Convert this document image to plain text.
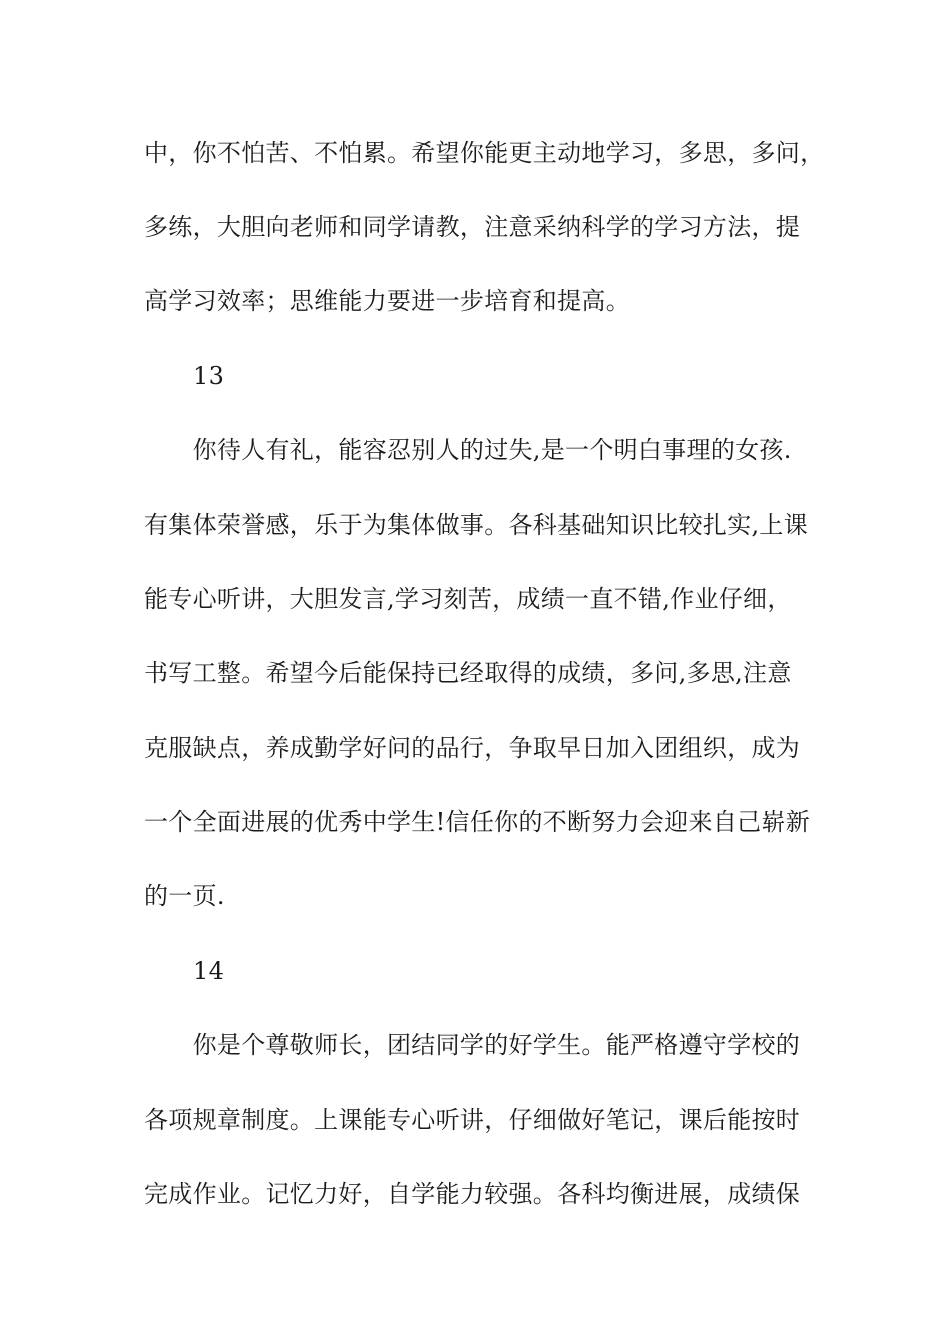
中，你不怕苦、不怕累。希望你能更主动地学习，多思，多问，
多练，大胆向老师和同学请教，注意采纳科学的学习方法，提
高学习效率；思维能力要进一步培育和提高。
13
　　你待人有礼，能容忍别人的过失,是一个明白事理的女孩.
有集体荣誉感，乐于为集体做事。各科基础知识比较扎实,上课
能专心听讲，大胆发言,学习刻苦，成绩一直不错,作业仔细，
书写工整。希望今后能保持已经取得的成绩，多问,多思,注意
克服缺点，养成勤学好问的品行，争取早日加入团组织，成为
一个全面进展的优秀中学生!信任你的不断努力会迎来自己崭新
的一页.
14
　　你是个尊敬师长，团结同学的好学生。能严格遵守学校的
各项规章制度。上课能专心听讲，仔细做好笔记，课后能按时
完成作业。记忆力好，自学能力较强。各科均衡进展，成绩保
